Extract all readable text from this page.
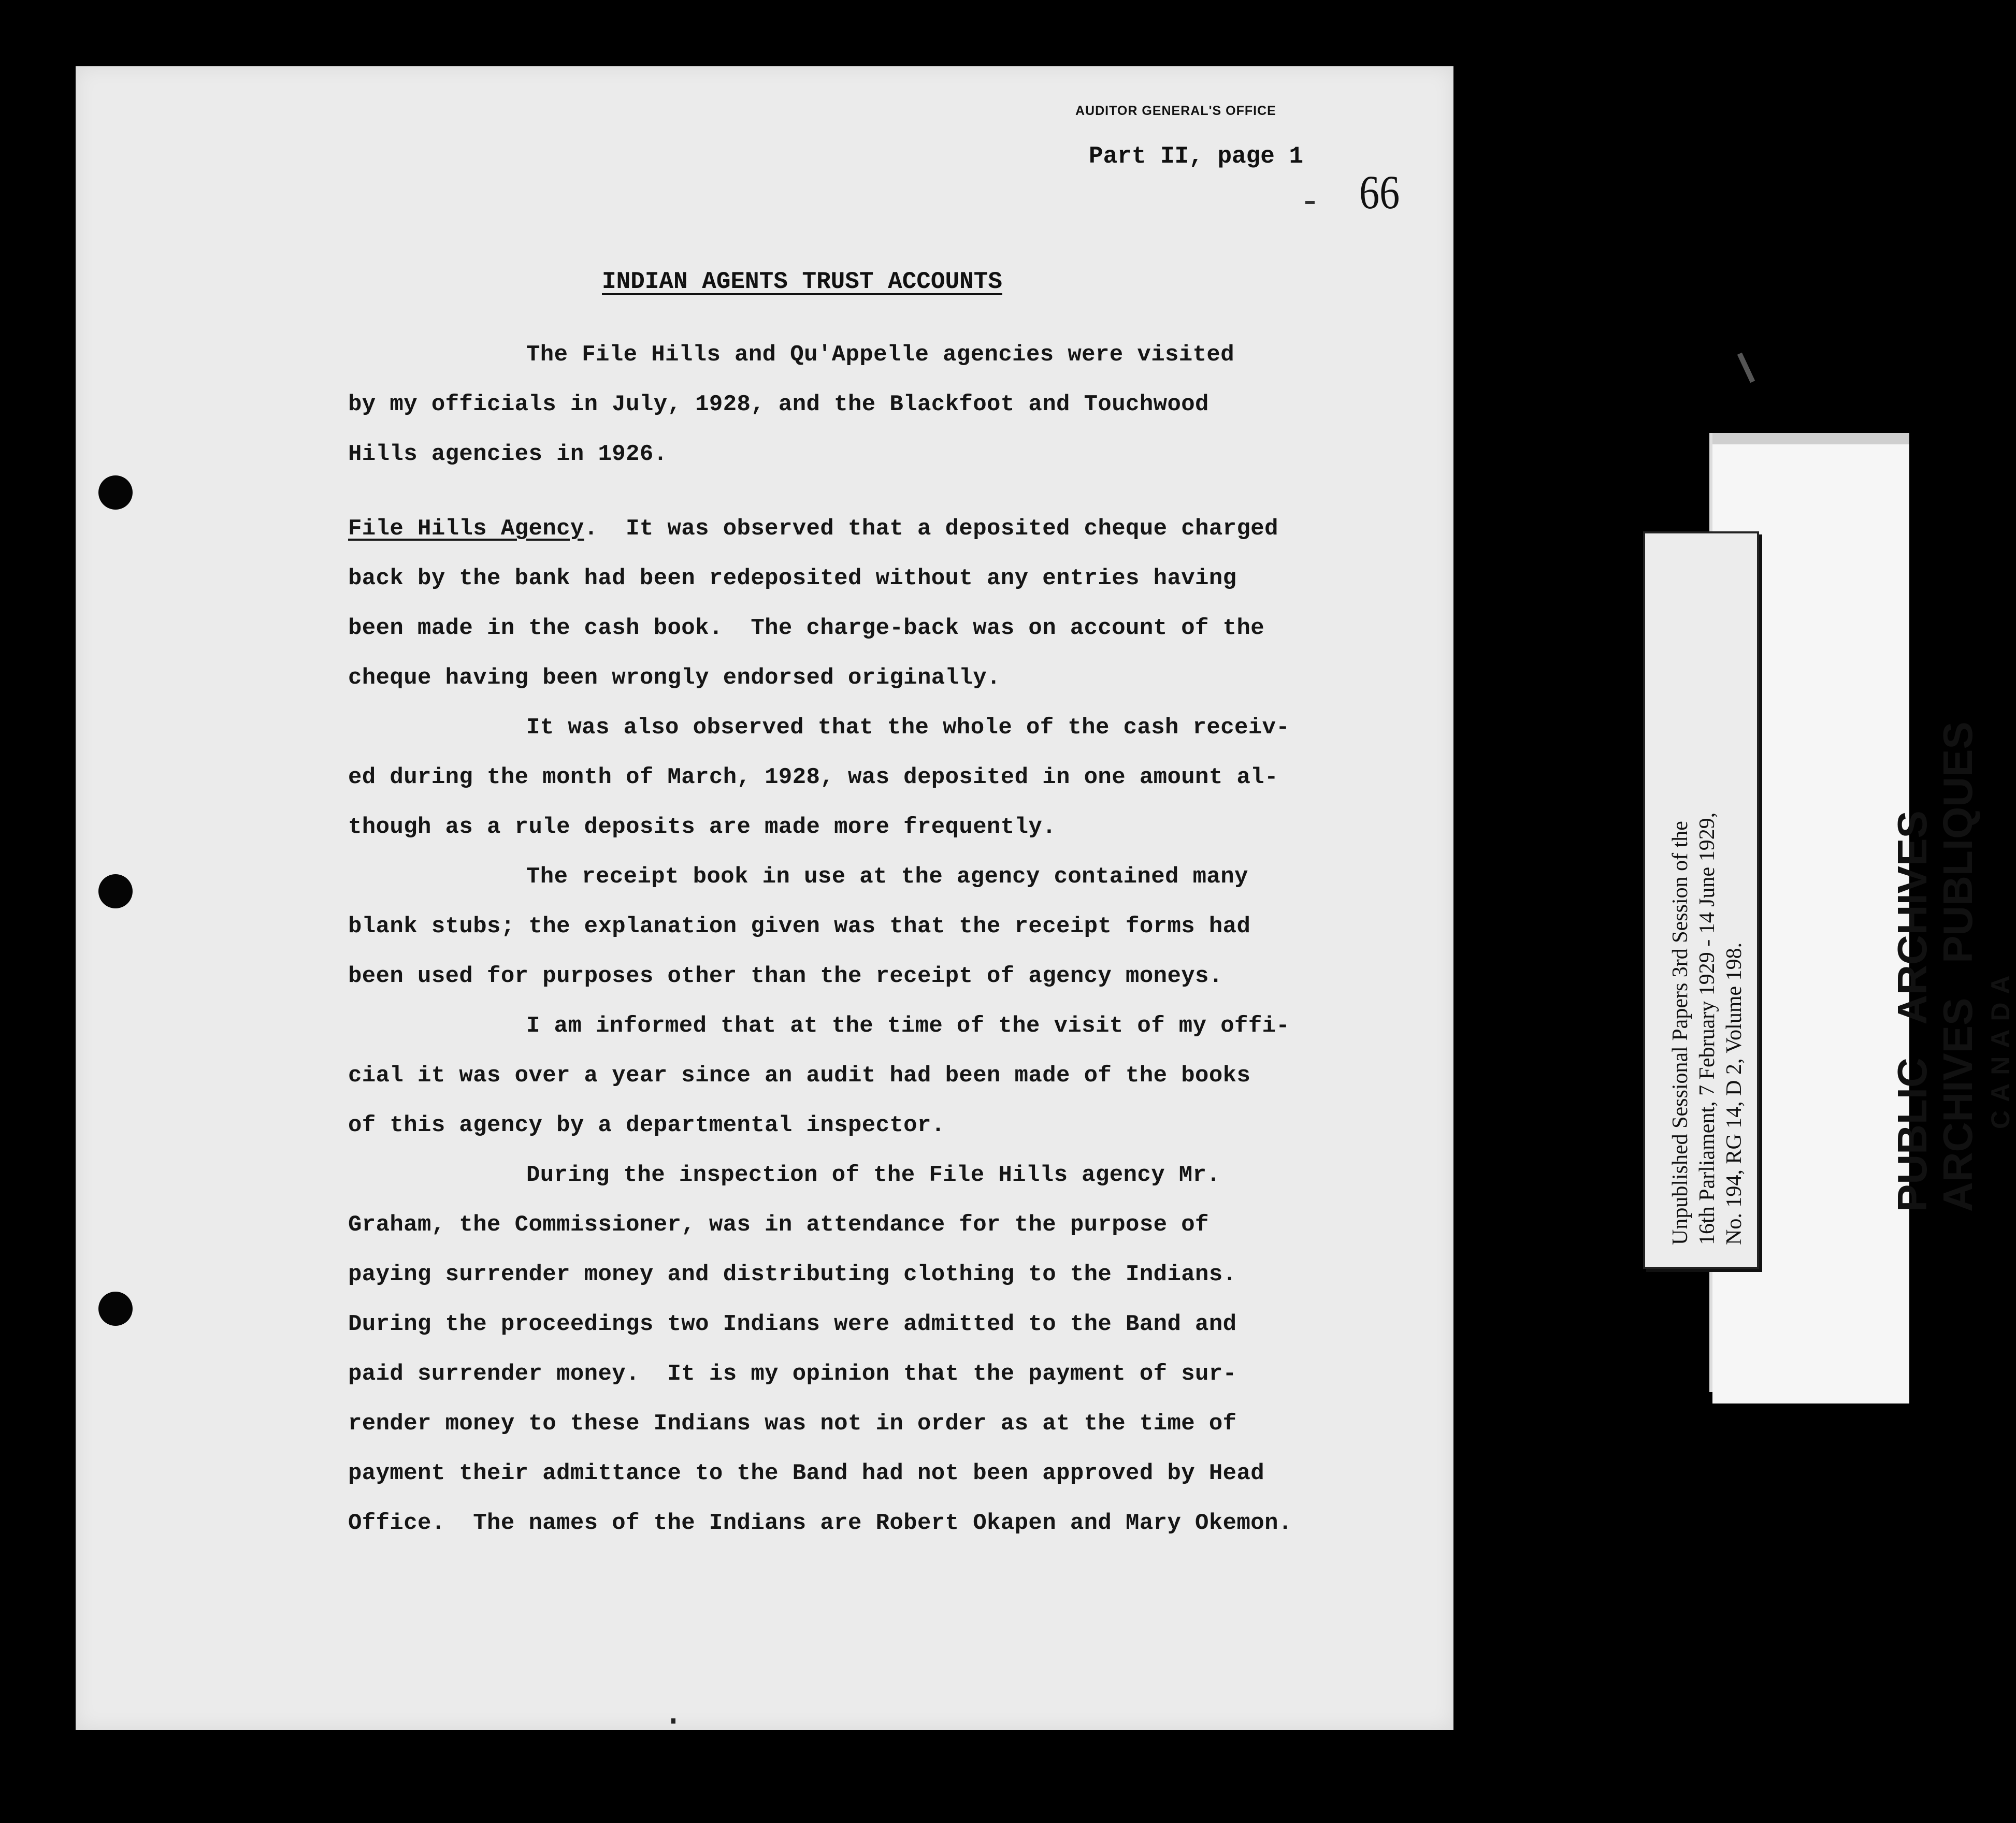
AUDITOR GENERAL'S OFFICE
Part II, page 1
66
INDIAN AGENTS TRUST ACCOUNTS
The File Hills and Qu'Appelle agencies were visited
by my officials in July, 1928, and the Blackfoot and Touchwood
Hills agencies in 1926.
File Hills Agency.  It was observed that a deposited cheque charged
back by the bank had been redeposited without any entries having
been made in the cash book.  The charge-back was on account of the
cheque having been wrongly endorsed originally.
It was also observed that the whole of the cash receiv-
ed during the month of March, 1928, was deposited in one amount al-
though as a rule deposits are made more frequently.
The receipt book in use at the agency contained many
blank stubs; the explanation given was that the receipt forms had
been used for purposes other than the receipt of agency moneys.
I am informed that at the time of the visit of my offi-
cial it was over a year since an audit had been made of the books
of this agency by a departmental inspector.
During the inspection of the File Hills agency Mr.
Graham, the Commissioner, was in attendance for the purpose of
paying surrender money and distributing clothing to the Indians.
During the proceedings two Indians were admitted to the Band and
paid surrender money.  It is my opinion that the payment of sur-
render money to these Indians was not in order as at the time of
payment their admittance to the Band had not been approved by Head
Office.  The names of the Indians are Robert Okapen and Mary Okemon.
PUBLIC   ARCHIVES ARCHIVES   PUBLIQUES CANADA
Unpublished Sessional Papers 3rd Session of the 16th Parliament, 7 February 1929 - 14 June 1929, No. 194, RG 14, D 2, Volume 198.
